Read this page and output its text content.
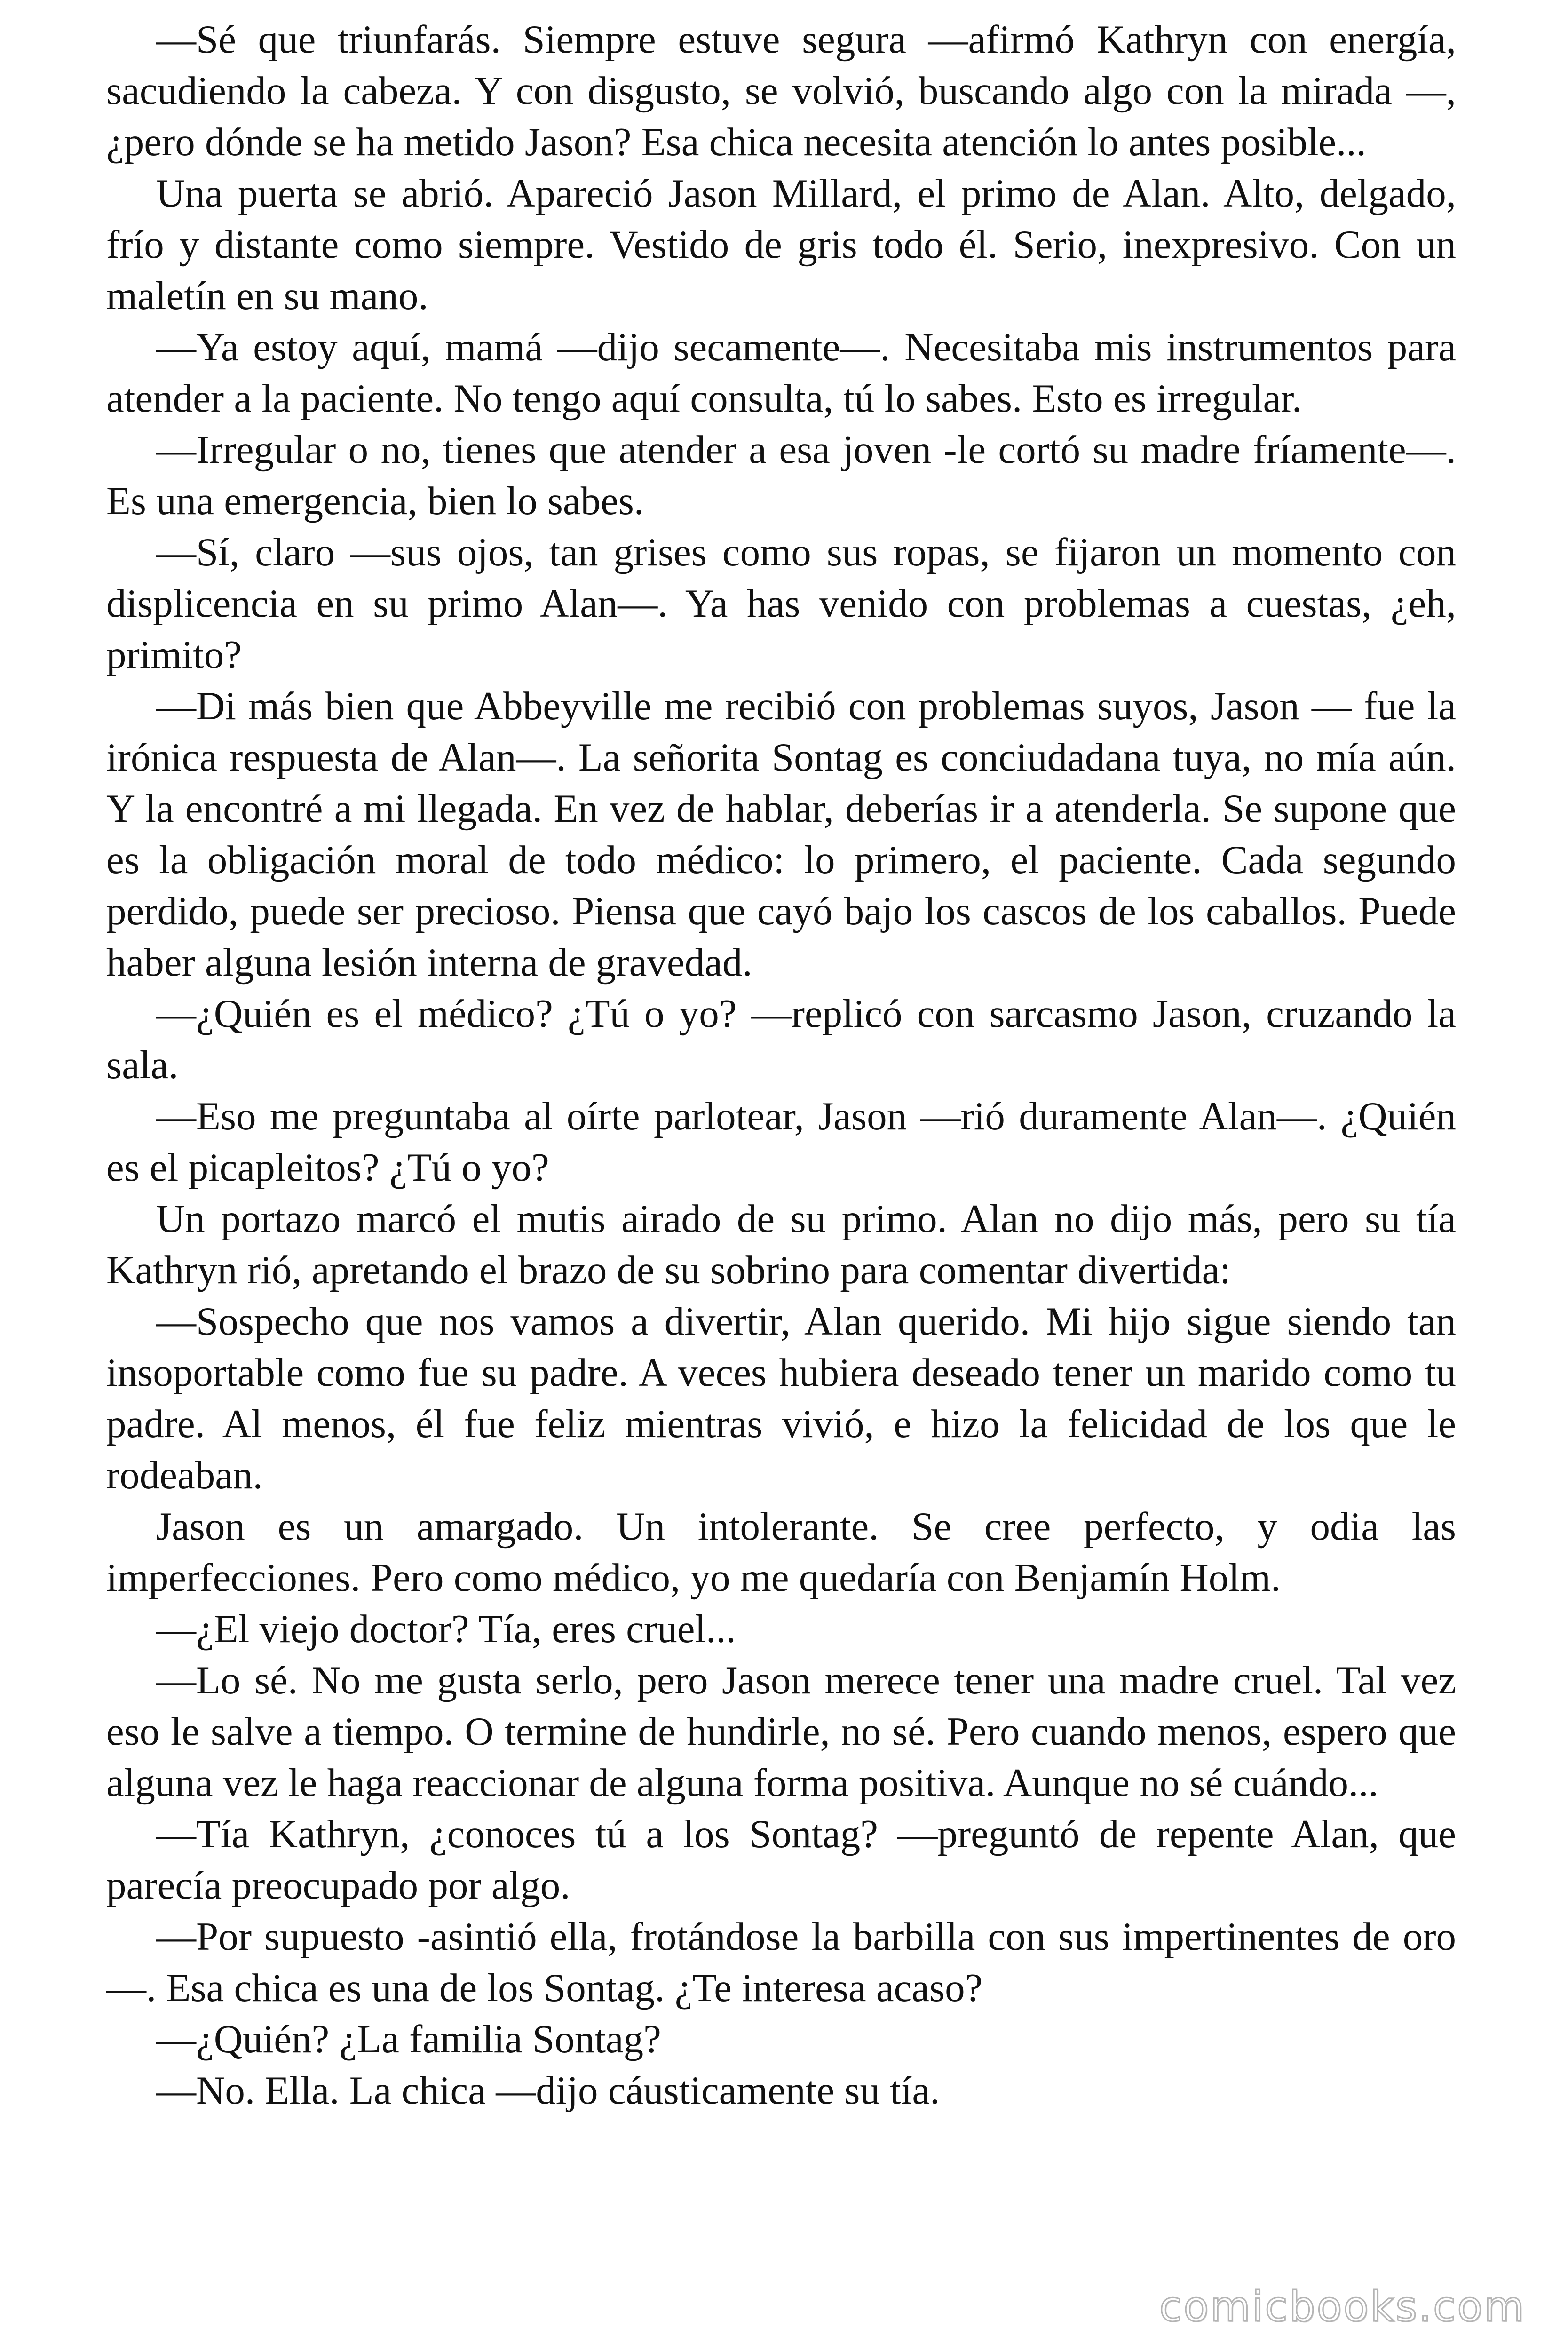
—Sé que triunfarás. Siempre estuve segura —afirmó Kathryn con energía, sacudiendo la cabeza. Y con disgusto, se volvió, buscando algo con la mirada —, ¿pero dónde se ha metido Jason? Esa chica necesita atención lo antes posible...

Una puerta se abrió. Apareció Jason Millard, el primo de Alan. Alto, delgado, frío y distante como siempre. Vestido de gris todo él. Serio, inexpresivo. Con un maletín en su mano.

—Ya estoy aquí, mamá —dijo secamente—. Necesitaba mis instrumentos para atender a la paciente. No tengo aquí consulta, tú lo sabes. Esto es irregular.

—Irregular o no, tienes que atender a esa joven -le cortó su madre fríamente—. Es una emergencia, bien lo sabes.

—Sí, claro —sus ojos, tan grises como sus ropas, se fijaron un momento con displicencia en su primo Alan—. Ya has venido con problemas a cuestas, ¿eh, primito?

—Di más bien que Abbeyville me recibió con problemas suyos, Jason — fue la irónica respuesta de Alan—. La señorita Sontag es conciudadana tuya, no mía aún. Y la encontré a mi llegada. En vez de hablar, deberías ir a atenderla. Se supone que es la obligación moral de todo médico: lo primero, el paciente. Cada segundo perdido, puede ser precioso. Piensa que cayó bajo los cascos de los caballos. Puede haber alguna lesión interna de gravedad.

—¿Quién es el médico? ¿Tú o yo? —replicó con sarcasmo Jason, cruzando la sala.

—Eso me preguntaba al oírte parlotear, Jason —rió duramente Alan—. ¿Quién es el picapleitos? ¿Tú o yo?

Un portazo marcó el mutis airado de su primo. Alan no dijo más, pero su tía Kathryn rió, apretando el brazo de su sobrino para comentar divertida:

—Sospecho que nos vamos a divertir, Alan querido. Mi hijo sigue siendo tan insoportable como fue su padre. A veces hubiera deseado tener un marido como tu padre. Al menos, él fue feliz mientras vivió, e hizo la felicidad de los que le rodeaban.

Jason es un amargado. Un intolerante. Se cree perfecto, y odia las imperfecciones. Pero como médico, yo me quedaría con Benjamín Holm.

—¿El viejo doctor? Tía, eres cruel...

—Lo sé. No me gusta serlo, pero Jason merece tener una madre cruel. Tal vez eso le salve a tiempo. O termine de hundirle, no sé. Pero cuando menos, espero que alguna vez le haga reaccionar de alguna forma positiva. Aunque no sé cuándo...

—Tía Kathryn, ¿conoces tú a los Sontag? —preguntó de repente Alan, que parecía preocupado por algo.

—Por supuesto -asintió ella, frotándose la barbilla con sus impertinentes de oro—. Esa chica es una de los Sontag. ¿Te interesa acaso?

—¿Quién? ¿La familia Sontag?

—No. Ella. La chica —dijo cáusticamente su tía.

comicbooks.com
